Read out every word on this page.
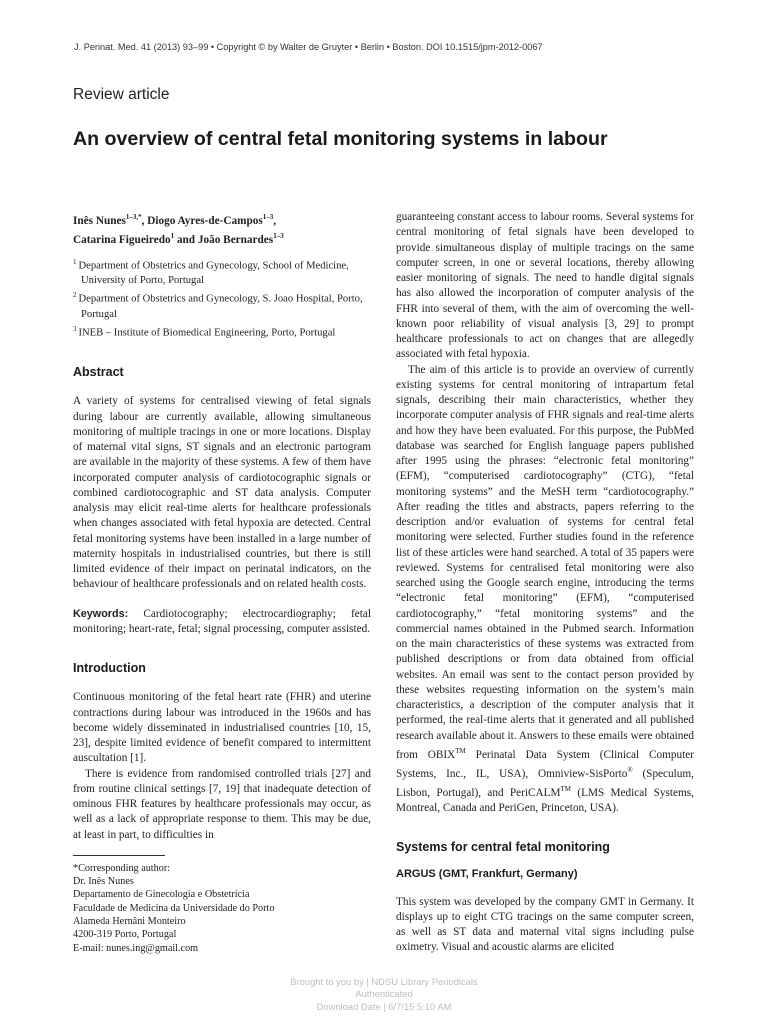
J. Perinat. Med. 41 (2013) 93–99 • Copyright © by Walter de Gruyter • Berlin • Boston. DOI 10.1515/jpm-2012-0067
Review article
An overview of central fetal monitoring systems in labour
Inês Nunes$^{1-3,*}$, Diogo Ayres-de-Campos$^{1-3}$,
Catarina Figueiredo$^1$ and João Bernardes$^{1-3}$
$^1$ Department of Obstetrics and Gynecology, School of Medicine, University of Porto, Portugal
$^2$ Department of Obstetrics and Gynecology, S. Joao Hospital, Porto, Portugal
$^3$ INEB – Institute of Biomedical Engineering, Porto, Portugal
Abstract

A variety of systems for centralised viewing of fetal signals during labour are currently available, allowing simultaneous monitoring of multiple tracings in one or more locations. Display of maternal vital signs, ST signals and an electronic partogram are available in the majority of these systems. A few of them have incorporated computer analysis of cardiotocographic signals or combined cardiotocographic and ST data analysis. Computer analysis may elicit real-time alerts for healthcare professionals when changes associated with fetal hypoxia are detected. Central fetal monitoring systems have been installed in a large number of maternity hospitals in industrialised countries, but there is still limited evidence of their impact on perinatal indicators, on the behaviour of healthcare professionals and on related health costs.

Keywords: Cardiotocography; electrocardiography; fetal monitoring; heart-rate, fetal; signal processing, computer assisted.

Introduction

Continuous monitoring of the fetal heart rate (FHR) and uterine contractions during labour was introduced in the 1960s and has become widely disseminated in industrialised countries [10, 15, 23], despite limited evidence of benefit compared to intermittent auscultation [1].

There is evidence from randomised controlled trials [27] and from routine clinical settings [7, 19] that inadequate detection of ominous FHR features by healthcare professionals may occur, as well as a lack of appropriate response to them. This may be due, at least in part, to difficulties in

*Corresponding author:
Dr. Inês Nunes
Departamento de Ginecologia e Obstetrícia
Faculdade de Medicina da Universidade do Porto
Alameda Hernâni Monteiro
4200-319 Porto, Portugal
E-mail: nunes.ing@gmail.com

guaranteeing constant access to labour rooms. Several systems for central monitoring of fetal signals have been developed to provide simultaneous display of multiple tracings on the same computer screen, in one or several locations, thereby allowing easier monitoring of signals. The need to handle digital signals has also allowed the incorporation of computer analysis of the FHR into several of them, with the aim of overcoming the well-known poor reliability of visual analysis [3, 29] to prompt healthcare professionals to act on changes that are allegedly associated with fetal hypoxia.

The aim of this article is to provide an overview of currently existing systems for central monitoring of intrapartum fetal signals, describing their main characteristics, whether they incorporate computer analysis of FHR signals and real-time alerts and how they have been evaluated. For this purpose, the PubMed database was searched for English language papers published after 1995 using the phrases: “electronic fetal monitoring” (EFM), “computerised cardiotocography” (CTG), “fetal monitoring systems” and the MeSH term “cardiotocography.” After reading the titles and abstracts, papers referring to the description and/or evaluation of systems for central fetal monitoring were selected. Further studies found in the reference list of these articles were hand searched. A total of 35 papers were reviewed. Systems for centralised fetal monitoring were also searched using the Google search engine, introducing the terms “electronic fetal monitoring” (EFM), “computerised cardiotocography,” “fetal monitoring systems” and the commercial names obtained in the Pubmed search. Information on the main characteristics of these systems was extracted from published descriptions or from data obtained from official websites. An email was sent to the contact person provided by these websites requesting information on the system’s main characteristics, a description of the computer analysis that it performed, the real-time alerts that it generated and all published research available about it. Answers to these emails were obtained from OBIX™ Perinatal Data System (Clinical Computer Systems, Inc., IL, USA), Omniview-SisPorto® (Speculum, Lisbon, Portugal), and PeriCALM™ (LMS Medical Systems, Montreal, Canada and PeriGen, Princeton, USA).

Systems for central fetal monitoring
ARGUS (GMT, Frankfurt, Germany)

This system was developed by the company GMT in Germany. It displays up to eight CTG tracings on the same computer screen, as well as ST data and maternal vital signs including pulse oximetry. Visual and acoustic alarms are elicited

Brought to you by | NDSU Library Periodicals
Authenticated
Download Date | 6/7/15 5:10 AM
